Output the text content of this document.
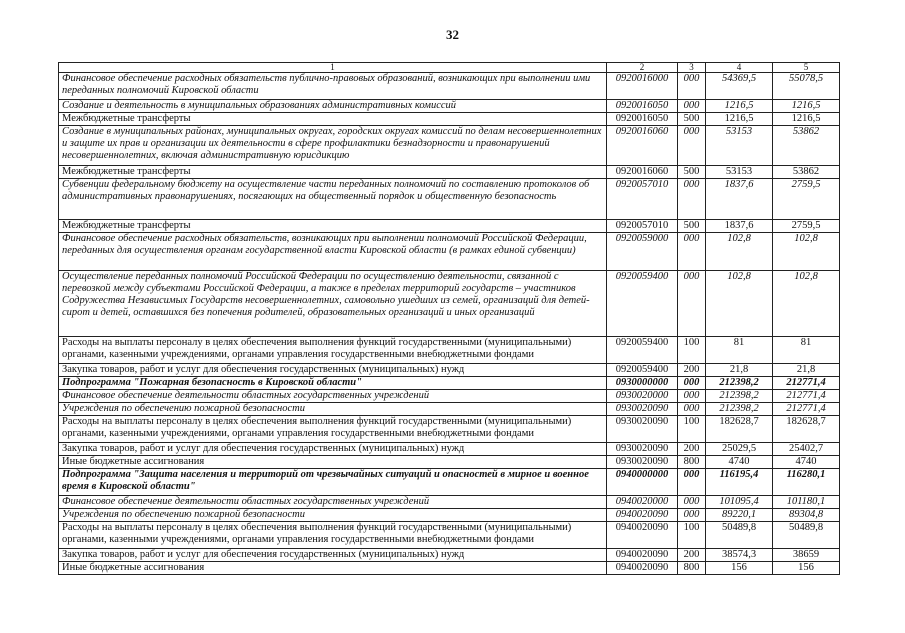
32
1	2	3	4	5
Финансовое обеспечение расходных обязательств публично-правовых образований, возникающих при выполнении ими переданных полномочий Кировской области	0920016000	000	54369,5	55078,5
Создание и деятельность в муниципальных образованиях административных комиссий	0920016050	000	1216,5	1216,5
Межбюджетные трансферты	0920016050	500	1216,5	1216,5
Создание в муниципальных районах, муниципальных округах, городских округах комиссий по делам несовершеннолетних и защите их прав и организации их деятельности в сфере профилактики безнадзорности и правонарушений несовершеннолетних, включая административную юрисдикцию	0920016060	000	53153	53862
Межбюджетные трансферты	0920016060	500	53153	53862
Субвенции федеральному бюджету на осуществление части переданных полномочий по составлению протоколов об административных правонарушениях, посягающих на общественный порядок и общественную безопасность	0920057010	000	1837,6	2759,5
Межбюджетные трансферты	0920057010	500	1837,6	2759,5
Финансовое обеспечение расходных обязательств, возникающих при выполнении полномочий Российской Федерации, переданных для осуществления органам государственной власти Кировской области (в рамках единой субвенции)	0920059000	000	102,8	102,8
Осуществление переданных полномочий Российской Федерации по осуществлению деятельности, связанной с перевозкой между субъектами Российской Федерации, а также в пределах территорий государств – участников Содружества Независимых Государств несовершеннолетних, самовольно ушедших из семей, организаций для детей-сирот и детей, оставшихся без попечения родителей, образовательных организаций и иных организаций	0920059400	000	102,8	102,8
Расходы на выплаты персоналу в целях обеспечения выполнения функций государственными (муниципальными) органами, казенными учреждениями, органами управления государственными внебюджетными фондами	0920059400	100	81	81
Закупка товаров, работ и услуг для обеспечения государственных (муниципальных) нужд	0920059400	200	21,8	21,8
Подпрограмма "Пожарная безопасность в Кировской области"	0930000000	000	212398,2	212771,4
Финансовое обеспечение деятельности областных государственных учреждений	0930020000	000	212398,2	212771,4
Учреждения по обеспечению пожарной безопасности	0930020090	000	212398,2	212771,4
Расходы на выплаты персоналу в целях обеспечения выполнения функций государственными (муниципальными) органами, казенными учреждениями, органами управления государственными внебюджетными фондами	0930020090	100	182628,7	182628,7
Закупка товаров, работ и услуг для обеспечения государственных (муниципальных) нужд	0930020090	200	25029,5	25402,7
Иные бюджетные ассигнования	0930020090	800	4740	4740
Подпрограмма "Защита населения и территорий от чрезвычайных ситуаций и опасностей в мирное и военное время в Кировской области"	0940000000	000	116195,4	116280,1
Финансовое обеспечение деятельности областных государственных учреждений	0940020000	000	101095,4	101180,1
Учреждения по обеспечению пожарной безопасности	0940020090	000	89220,1	89304,8
Расходы на выплаты персоналу в целях обеспечения выполнения функций государственными (муниципальными) органами, казенными учреждениями, органами управления государственными внебюджетными фондами	0940020090	100	50489,8	50489,8
Закупка товаров, работ и услуг для обеспечения государственных (муниципальных) нужд	0940020090	200	38574,3	38659
Иные бюджетные ассигнования	0940020090	800	156	156
